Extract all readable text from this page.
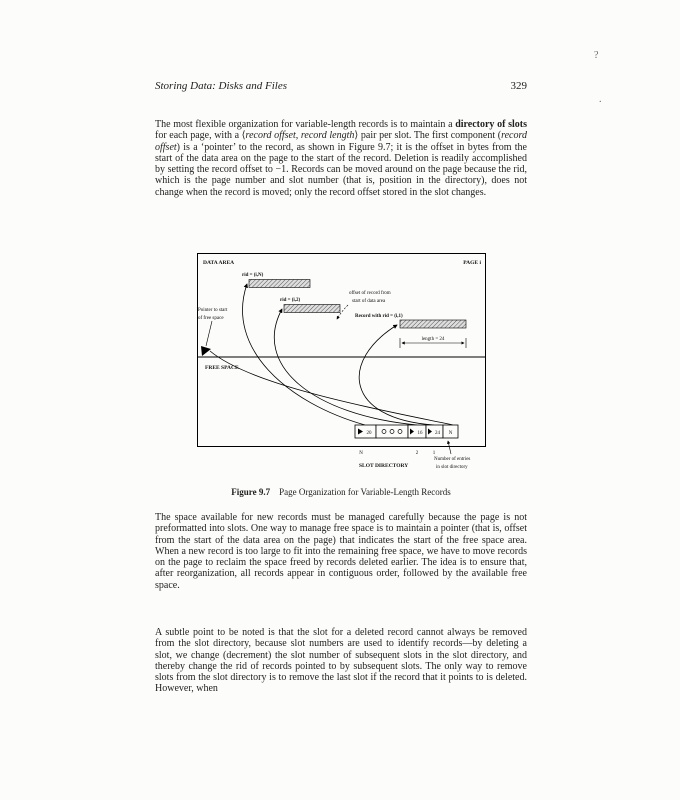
Storing Data: Disks and Files	329

The most flexible organization for variable-length records is to maintain a directory of slots for each page, with a ⟨record offset, record length⟩ pair per slot. The first component (record offset) is a ‘pointer’ to the record, as shown in Figure 9.7; it is the offset in bytes from the start of the data area on the page to the start of the record. Deletion is readily accomplished by setting the record offset to −1. Records can be moved around on the page because the rid, which is the page number and slot number (that is, position in the directory), does not change when the record is moved; only the record offset stored in the slot changes.

DATA AREA	PAGE i
rid = (i,N)
rid = (i,2)
offset of record from
start of data area
Record with rid = (i,1)
length = 24
Pointer to start
of free space
FREE SPACE
20	16	24 N
N	2	1
SLOT DIRECTORY
Number of entries
in slot directory
Figure 9.7 Page Organization for Variable-Length Records

The space available for new records must be managed carefully because the page is not preformatted into slots. One way to manage free space is to maintain a pointer (that is, offset from the start of the data area on the page) that indicates the start of the free space area. When a new record is too large to fit into the remaining free space, we have to move records on the page to reclaim the space freed by records deleted earlier. The idea is to ensure that, after reorganization, all records appear in contiguous order, followed by the available free space.

A subtle point to be noted is that the slot for a deleted record cannot always be removed from the slot directory, because slot numbers are used to identify records—by deleting a slot, we change (decrement) the slot number of subsequent slots in the slot directory, and thereby change the rid of records pointed to by subsequent slots. The only way to remove slots from the slot directory is to remove the last slot if the record that it points to is deleted. However, when

?
.
